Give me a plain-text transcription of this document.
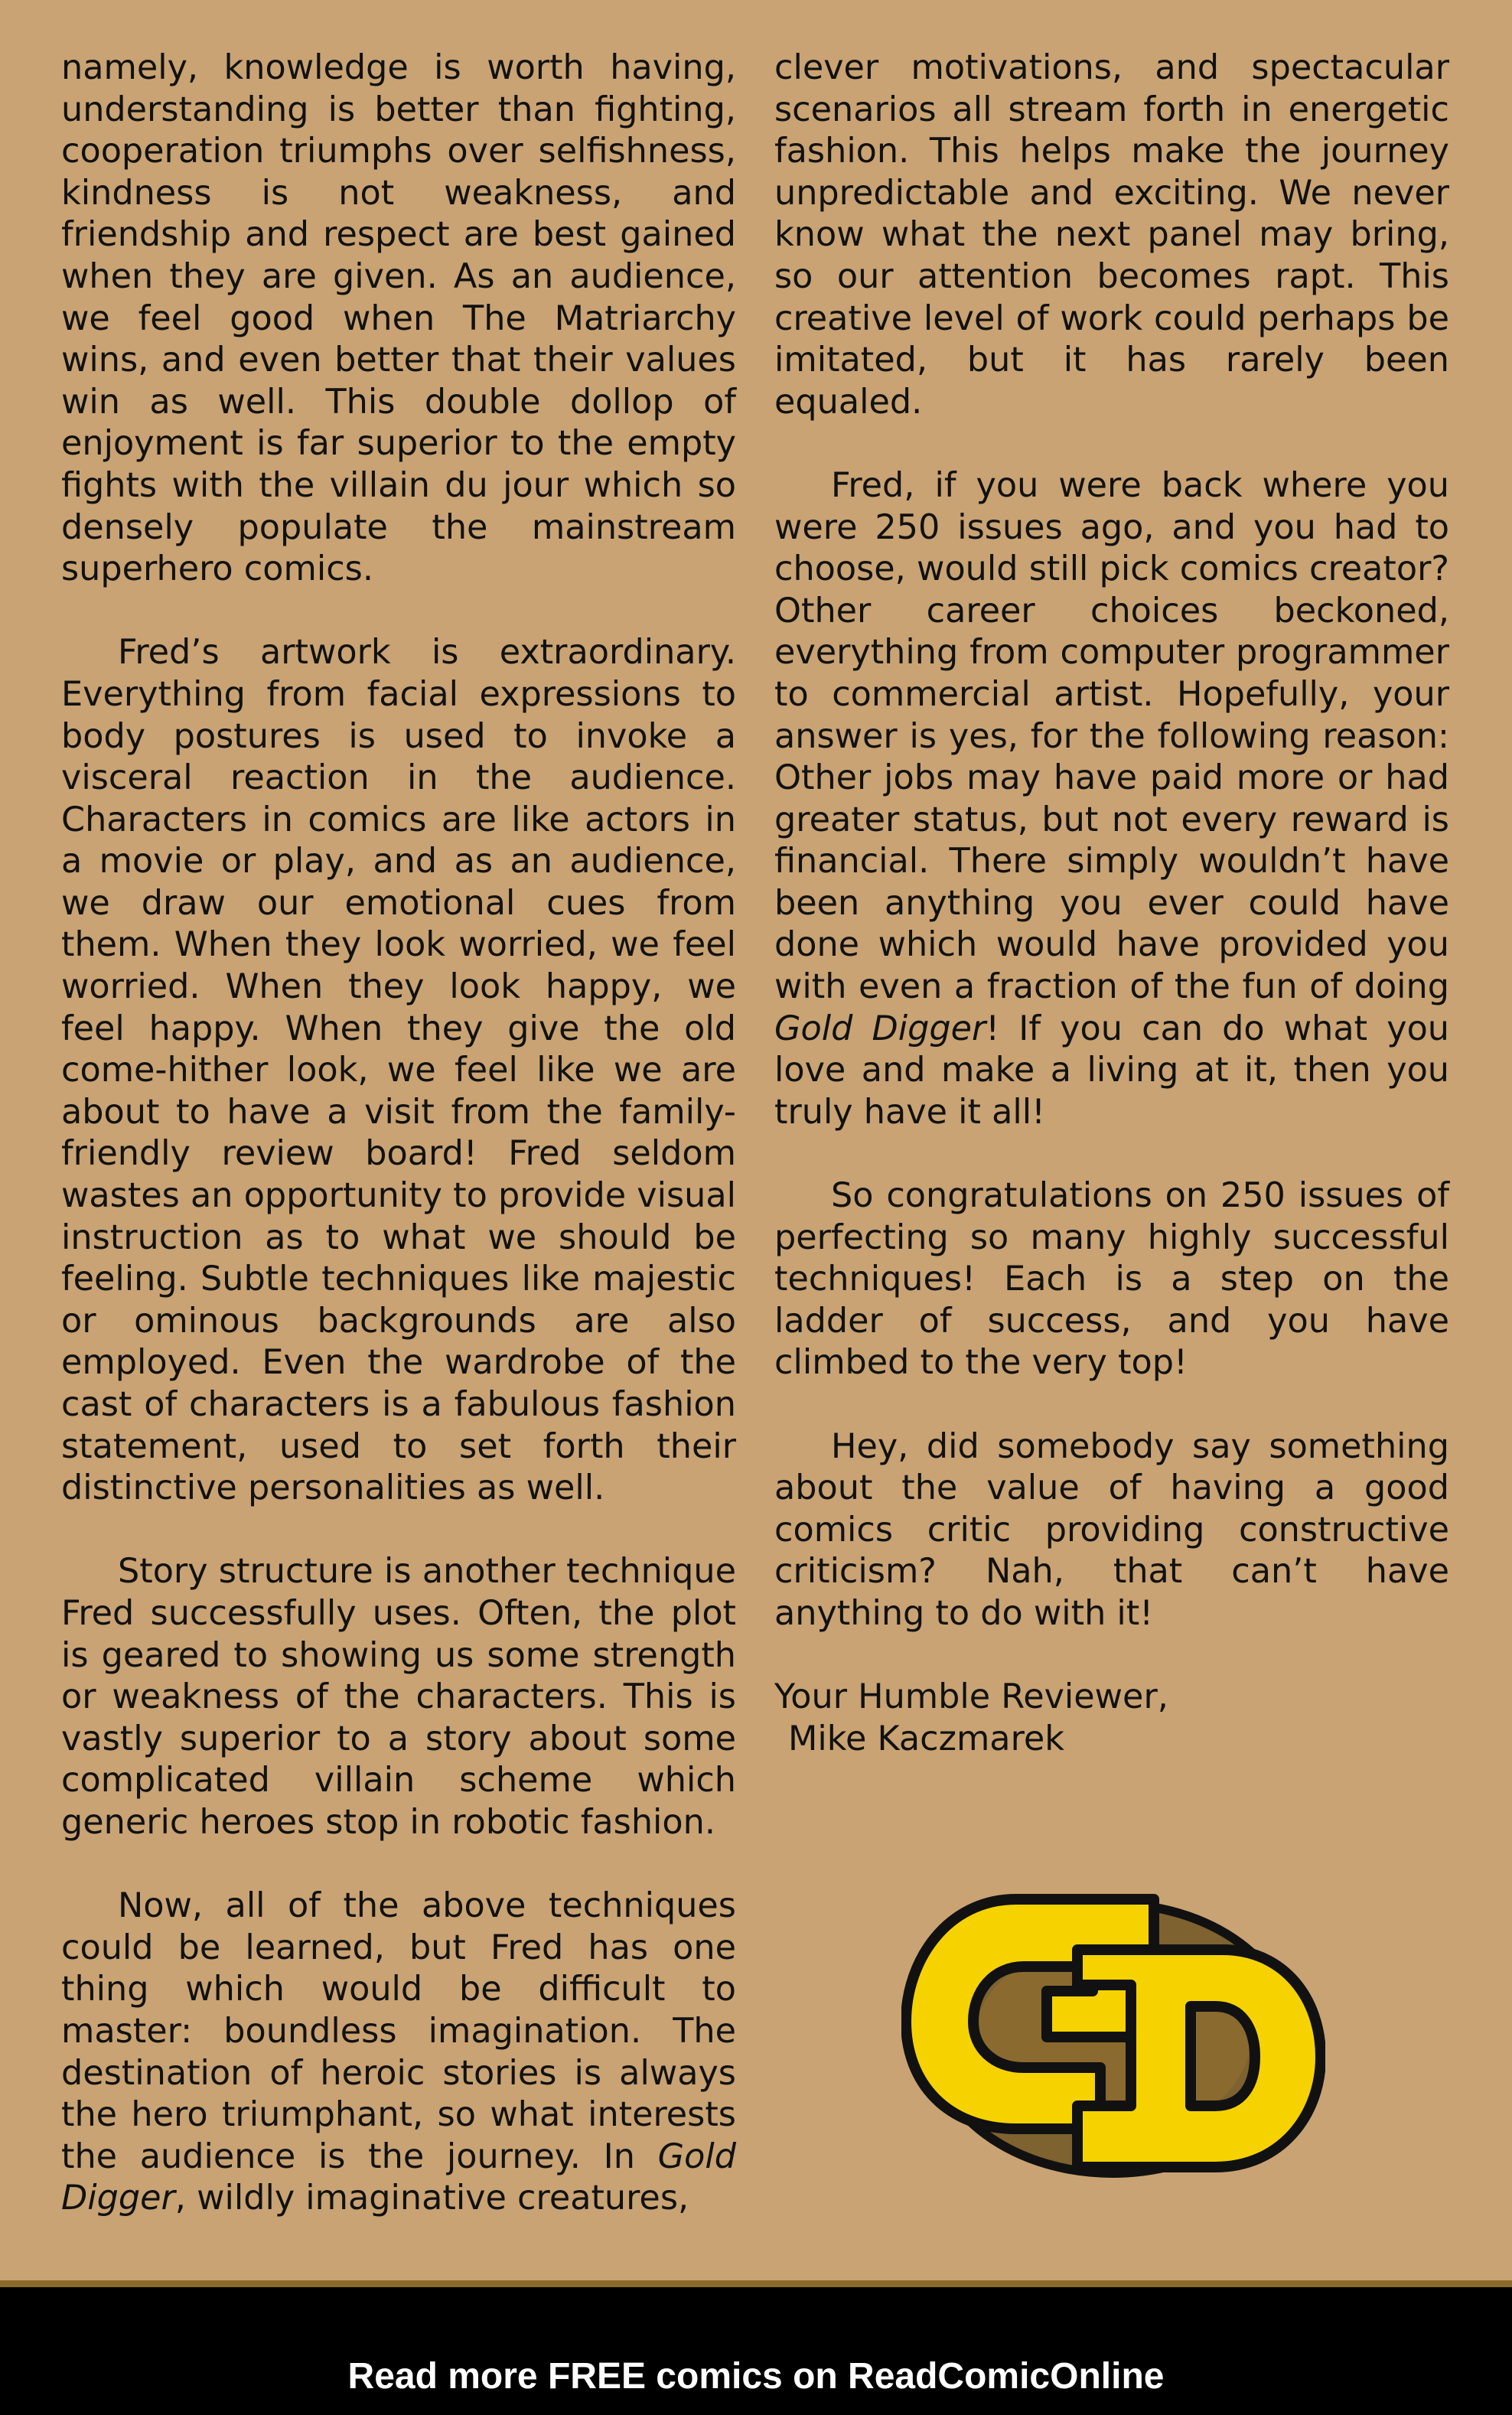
namely, knowledge is worth having, understanding is better than fighting, cooperation triumphs over selfishness, kindness is not weakness, and friendship and respect are best gained when they are given. As an audience, we feel good when The Matriarchy wins, and even better that their values win as well. This double dollop of enjoyment is far superior to the empty fights with the villain du jour which so densely populate the mainstream superhero comics.

Fred’s artwork is extraordinary. Everything from facial expressions to body postures is used to invoke a visceral reaction in the audience. Characters in comics are like actors in a movie or play, and as an audience, we draw our emotional cues from them. When they look worried, we feel worried. When they look happy, we feel happy. When they give the old come-hither look, we feel like we are about to have a visit from the family-friendly review board! Fred seldom wastes an opportunity to provide visual instruction as to what we should be feeling. Subtle techniques like majestic or ominous backgrounds are also employed. Even the wardrobe of the cast of characters is a fabulous fashion statement, used to set forth their distinctive personalities as well.

Story structure is another technique Fred successfully uses. Often, the plot is geared to showing us some strength or weakness of the characters. This is vastly superior to a story about some complicated villain scheme which generic heroes stop in robotic fashion.

Now, all of the above techniques could be learned, but Fred has one thing which would be difficult to master: boundless imagination. The destination of heroic stories is always the hero triumphant, so what interests the audience is the journey. In Gold Digger, wildly imaginative creatures,

clever motivations, and spectacular scenarios all stream forth in energetic fashion. This helps make the journey unpredictable and exciting. We never know what the next panel may bring, so our attention becomes rapt. This creative level of work could perhaps be imitated, but it has rarely been equaled.

Fred, if you were back where you were 250 issues ago, and you had to choose, would still pick comics creator? Other career choices beckoned, everything from computer programmer to commercial artist. Hopefully, your answer is yes, for the following reason: Other jobs may have paid more or had greater status, but not every reward is financial. There simply wouldn’t have been anything you ever could have done which would have provided you with even a fraction of the fun of doing Gold Digger! If you can do what you love and make a living at it, then you truly have it all!

So congratulations on 250 issues of perfecting so many highly successful techniques! Each is a step on the ladder of success, and you have climbed to the very top!

Hey, did somebody say something about the value of having a good comics critic providing constructive criticism? Nah, that can’t have anything to do with it!

Your Humble Reviewer,
Mike Kaczmarek

Read more FREE comics on ReadComicOnline
